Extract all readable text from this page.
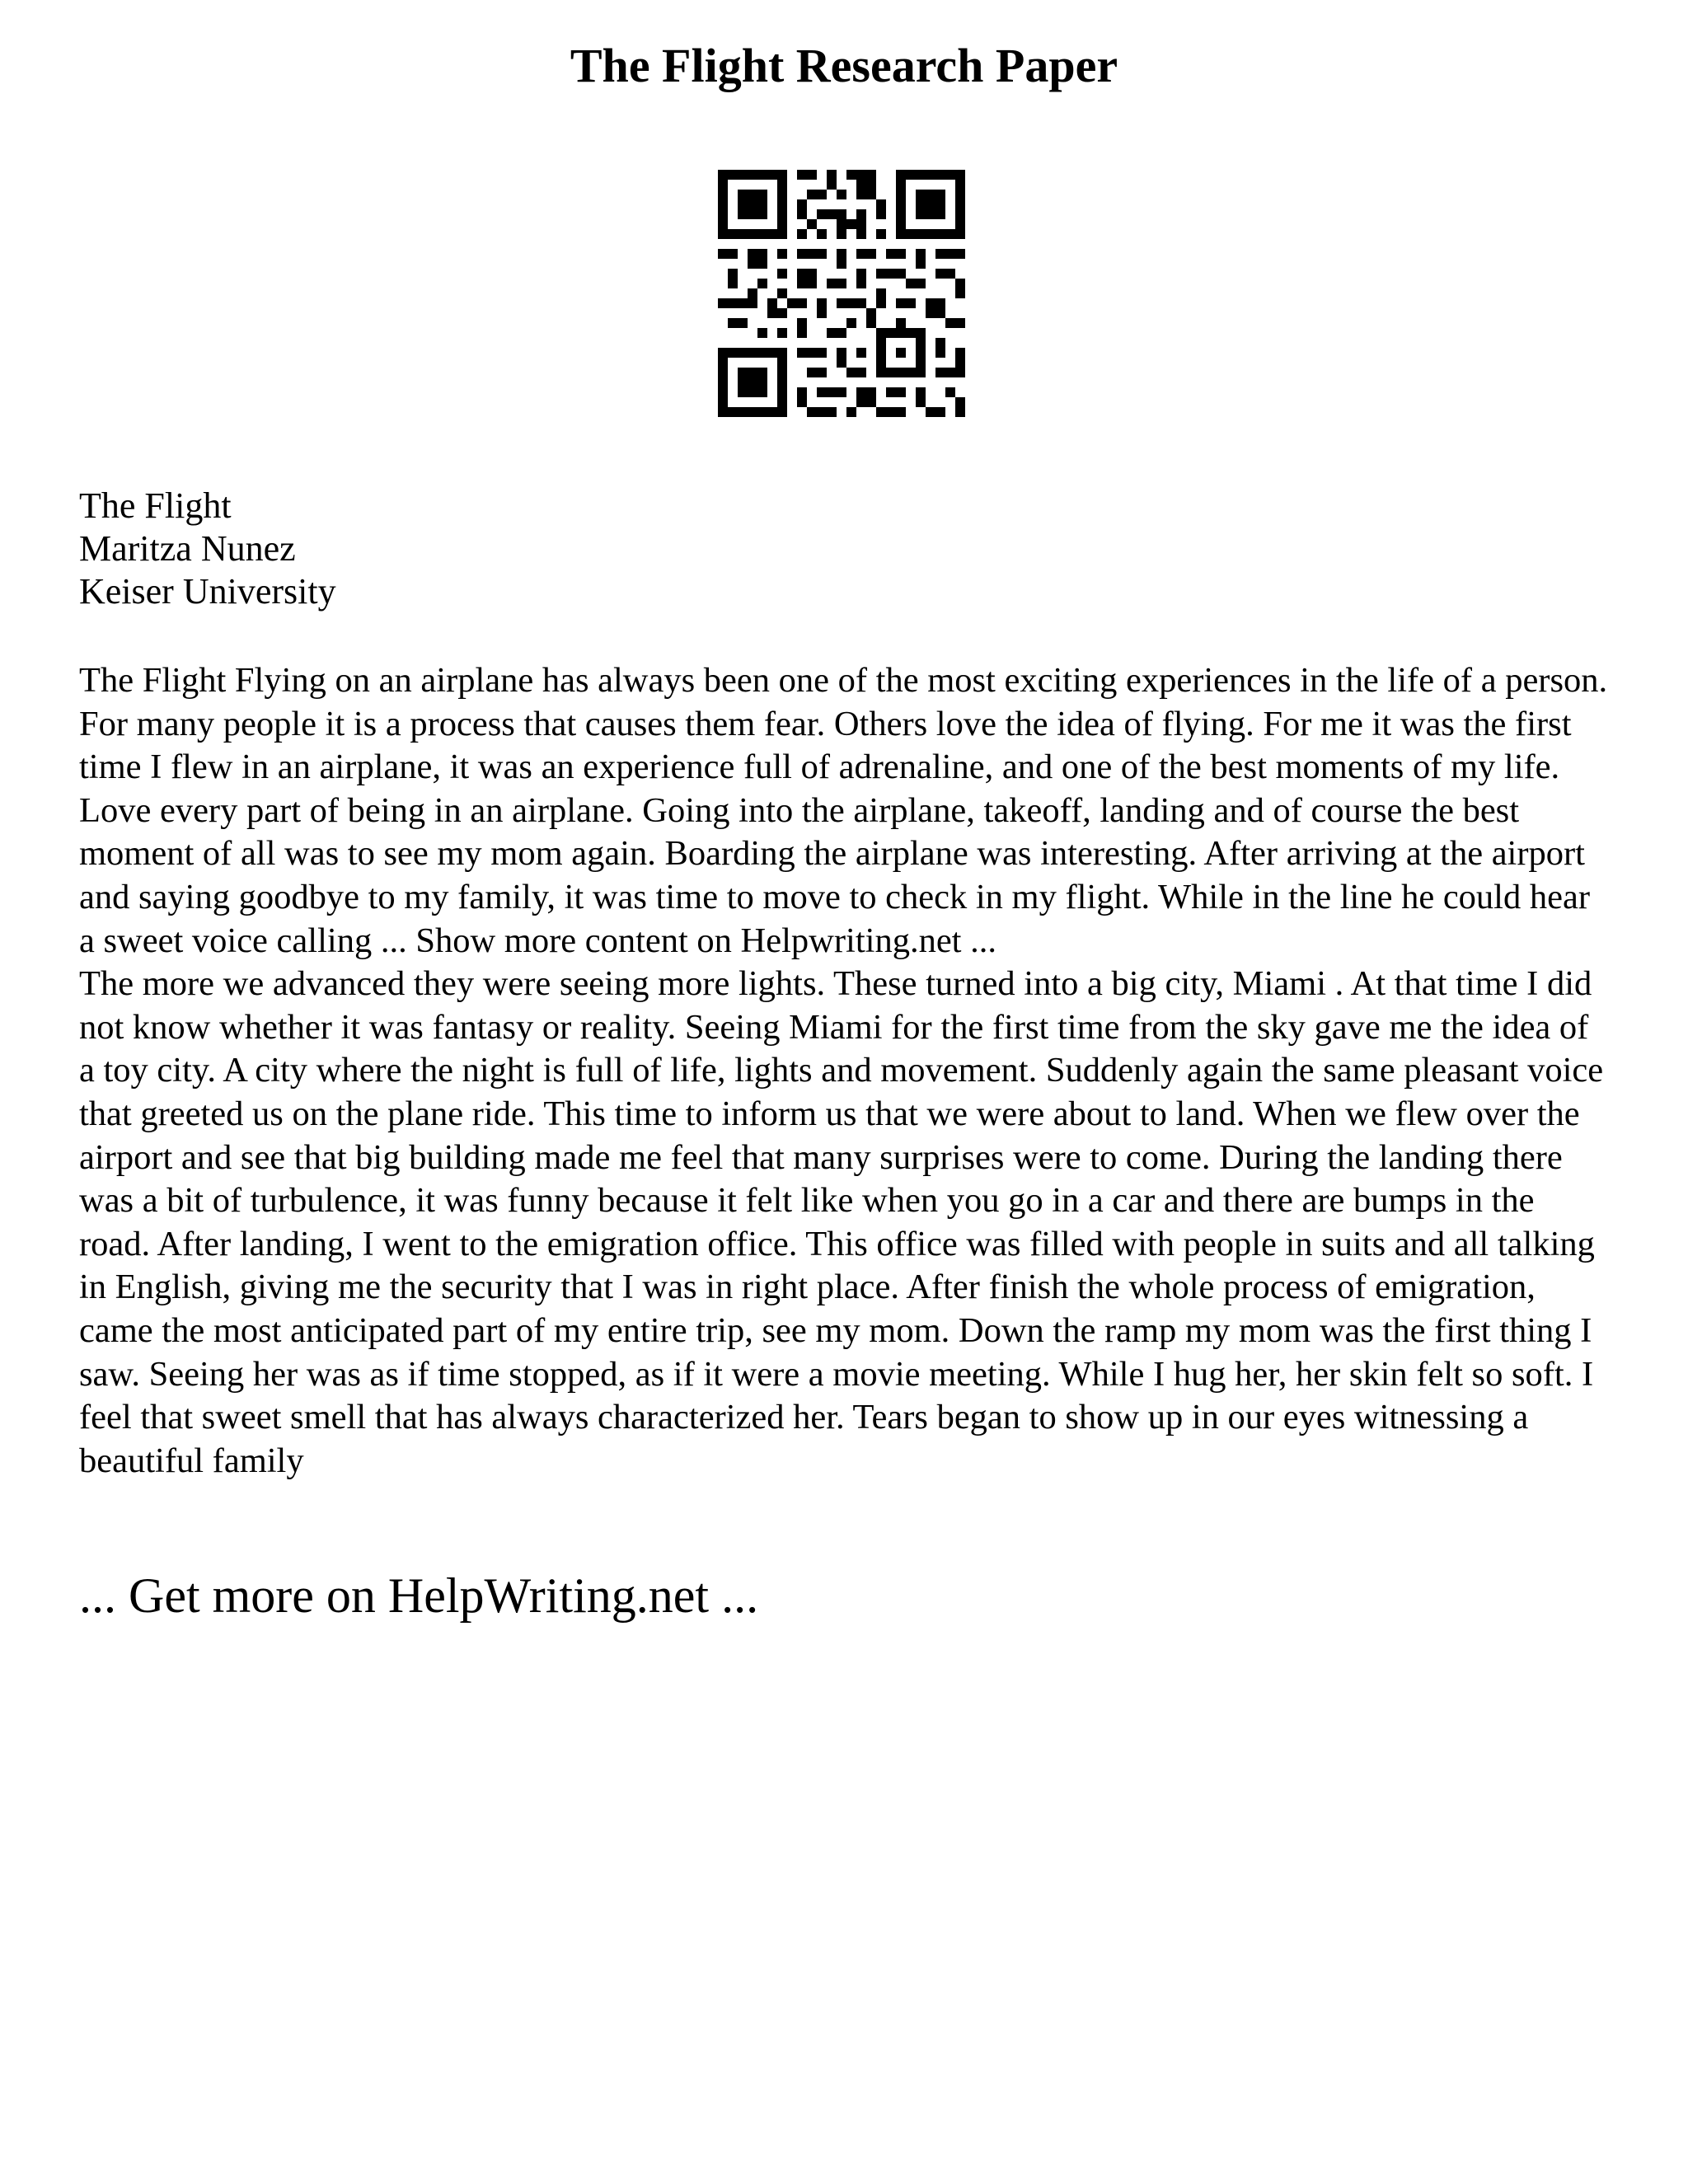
The Flight Research Paper
The Flight
Maritza Nunez
Keiser University

The Flight Flying on an airplane has always been one of the most exciting experiences in the life of a person. For many people it is a process that causes them fear. Others love the idea of flying. For me it was the first time I flew in an airplane, it was an experience full of adrenaline, and one of the best moments of my life. Love every part of being in an airplane. Going into the airplane, takeoff, landing and of course the best moment of all was to see my mom again. Boarding the airplane was interesting. After arriving at the airport and saying goodbye to my family, it was time to move to check in my flight. While in the line he could hear a sweet voice calling ... Show more content on Helpwriting.net ...

The more we advanced they were seeing more lights. These turned into a big city, Miami . At that time I did not know whether it was fantasy or reality. Seeing Miami for the first time from the sky gave me the idea of a toy city. A city where the night is full of life, lights and movement. Suddenly again the same pleasant voice that greeted us on the plane ride. This time to inform us that we were about to land. When we flew over the airport and see that big building made me feel that many surprises were to come. During the landing there was a bit of turbulence, it was funny because it felt like when you go in a car and there are bumps in the road. After landing, I went to the emigration office. This office was filled with people in suits and all talking in English, giving me the security that I was in right place. After finish the whole process of emigration, came the most anticipated part of my entire trip, see my mom. Down the ramp my mom was the first thing I saw. Seeing her was as if time stopped, as if it were a movie meeting. While I hug her, her skin felt so soft. I feel that sweet smell that has always characterized her. Tears began to show up in our eyes witnessing a beautiful family

... Get more on HelpWriting.net ...
